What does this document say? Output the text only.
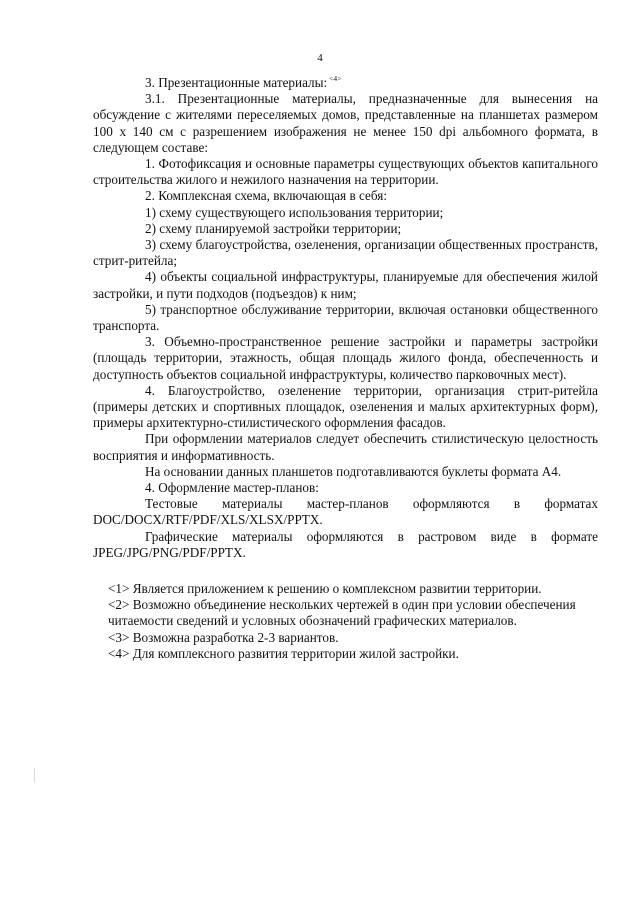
4

3. Презентационные материалы: $^{<4>}$

3.1. Презентационные материалы, предназначенные для вынесения на обсуждение с жителями переселяемых домов, представленные на планшетах размером 100 x 140 см с разрешением изображения не менее 150 dpi альбомного формата, в следующем составе:

1. Фотофиксация и основные параметры существующих объектов капитального строительства жилого и нежилого назначения на территории.

2. Комплексная схема, включающая в себя:

1) схему существующего использования территории;

2) схему планируемой застройки территории;

3) схему благоустройства, озеленения, организации общественных пространств, стрит-ритейла;

4) объекты социальной инфраструктуры, планируемые для обеспечения жилой застройки, и пути подходов (подъездов) к ним;

5) транспортное обслуживание территории, включая остановки общественного транспорта.

3. Объемно-пространственное решение застройки и параметры застройки (площадь территории, этажность, общая площадь жилого фонда, обеспеченность и доступность объектов социальной инфраструктуры, количество парковочных мест).

4. Благоустройство, озеленение территории, организация стрит-ритейла (примеры детских и спортивных площадок, озеленения и малых архитектурных форм), примеры архитектурно-стилистического оформления фасадов.

При оформлении материалов следует обеспечить стилистическую целостность восприятия и информативность.

На основании данных планшетов подготавливаются буклеты формата А4.

4. Оформление мастер-планов:

Тестовые материалы мастер-планов оформляются в форматах DOC/DOCX/RTF/PDF/XLS/XLSX/PPTX.

Графические материалы оформляются в растровом виде в формате JPEG/JPG/PNG/PDF/PPTX.

<1> Является приложением к решению о комплексном развитии территории.

<2> Возможно объединение нескольких чертежей в один при условии обеспечения читаемости сведений и условных обозначений графических материалов.

<3> Возможна разработка 2-3 вариантов.

<4> Для комплексного развития территории жилой застройки.
